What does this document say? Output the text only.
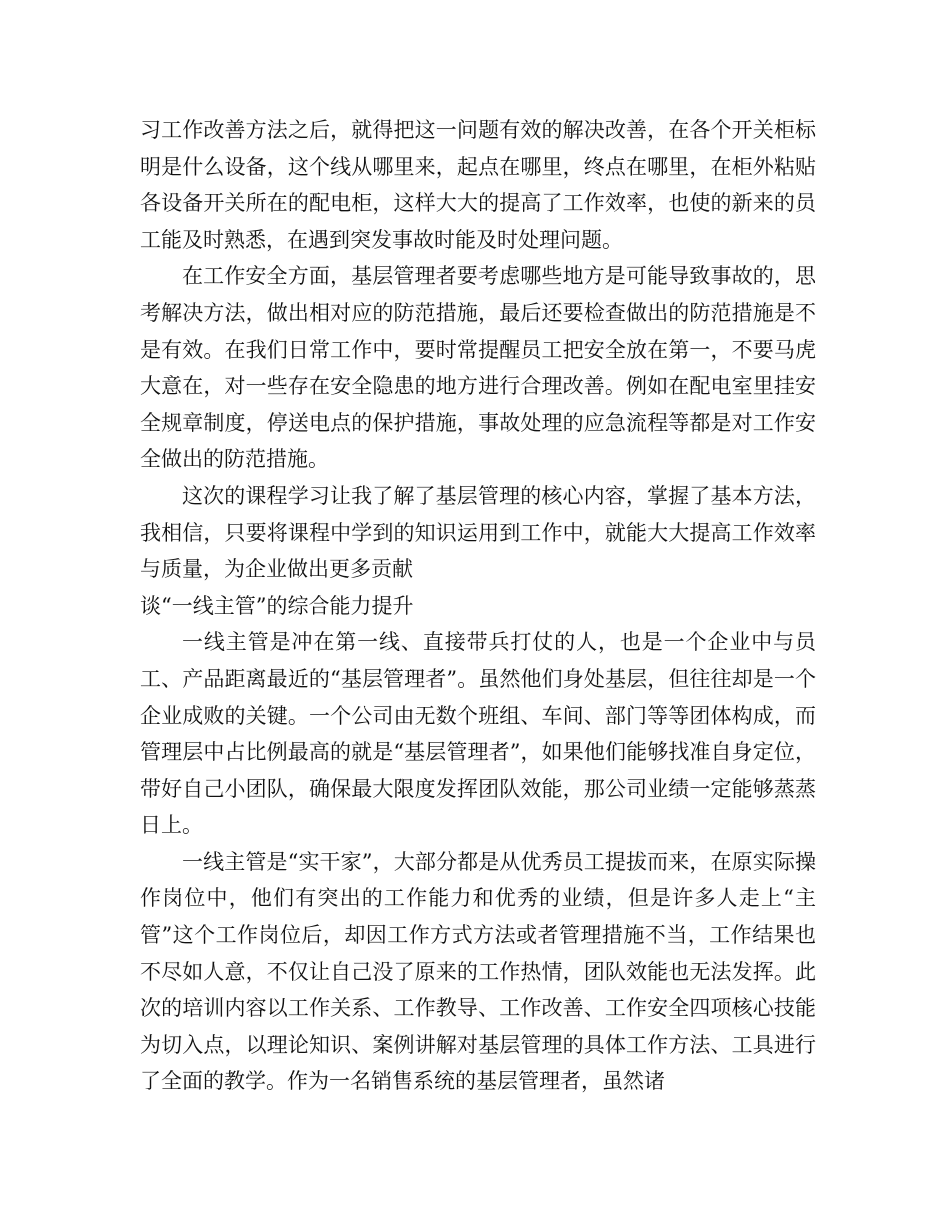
习工作改善方法之后，就得把这一问题有效的解决改善，在各个开关柜标明是什么设备，这个线从哪里来，起点在哪里，终点在哪里，在柜外粘贴各设备开关所在的配电柜，这样大大的提高了工作效率，也使的新来的员工能及时熟悉，在遇到突发事故时能及时处理问题。

在工作安全方面，基层管理者要考虑哪些地方是可能导致事故的，思考解决方法，做出相对应的防范措施，最后还要检查做出的防范措施是不是有效。在我们日常工作中，要时常提醒员工把安全放在第一，不要马虎大意在，对一些存在安全隐患的地方进行合理改善。例如在配电室里挂安全规章制度，停送电点的保护措施，事故处理的应急流程等都是对工作安全做出的防范措施。

这次的课程学习让我了解了基层管理的核心内容，掌握了基本方法，我相信，只要将课程中学到的知识运用到工作中，就能大大提高工作效率与质量，为企业做出更多贡献

谈“一线主管”的综合能力提升

一线主管是冲在第一线、直接带兵打仗的人，也是一个企业中与员工、产品距离最近的“基层管理者”。虽然他们身处基层，但往往却是一个企业成败的关键。一个公司由无数个班组、车间、部门等等团体构成，而管理层中占比例最高的就是“基层管理者”，如果他们能够找准自身定位，带好自己小团队，确保最大限度发挥团队效能，那公司业绩一定能够蒸蒸日上。

一线主管是“实干家”，大部分都是从优秀员工提拔而来，在原实际操作岗位中，他们有突出的工作能力和优秀的业绩，但是许多人走上“主管”这个工作岗位后，却因工作方式方法或者管理措施不当，工作结果也不尽如人意，不仅让自己没了原来的工作热情，团队效能也无法发挥。此次的培训内容以工作关系、工作教导、工作改善、工作安全四项核心技能为切入点，以理论知识、案例讲解对基层管理的具体工作方法、工具进行了全面的教学。作为一名销售系统的基层管理者，虽然诸
